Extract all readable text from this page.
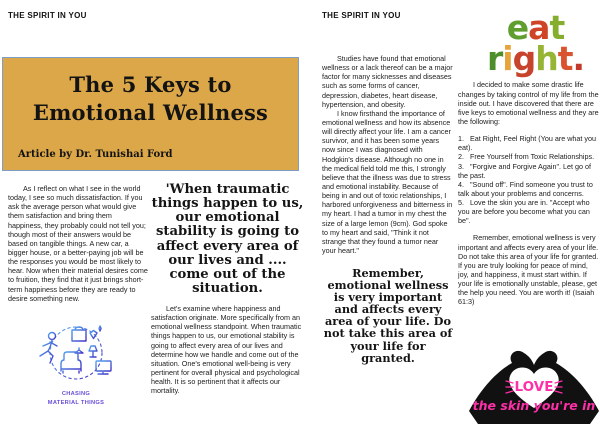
THE SPIRIT IN YOU
The 5 Keys to Emotional Wellness
Article by Dr. Tunishai Ford

As I reflect on what I see in the world today, I see so much dissatisfaction. If you ask the average person what would give them satisfaction and bring them happiness, they probably could not tell you; though most of their answers would be based on tangible things. A new car, a bigger house, or a better-paying job will be the responses you would be most likely to hear. Now when their material desires come to fruition, they find that it just brings short-term happiness before they are ready to desire something new.

'When traumatic things happen to us, our emotional stability is going to affect every area of our lives and .... come out of the situation.

Let's examine where happiness and satisfaction originate. More specifically from an emotional wellness standpoint. When traumatic things happen to us, our emotional stability is going to affect every area of our lives and determine how we handle and come out of the situation. One's emotional well-being is very pertinent for overall physical and psychological health. It is so pertinent that it affects our mortality.

CHASING
MATERIAL THINGS
THE SPIRIT IN YOU

Studies have found that emotional wellness or a lack thereof can be a major factor for many sicknesses and diseases such as some forms of cancer, depression, diabetes, heart disease, hypertension, and obesity.

I know firsthand the importance of emotional wellness and how its absence will directly affect your life. I am a cancer survivor, and it has been some years now since I was diagnosed with Hodgkin's disease. Although no one in the medical field told me this, I strongly believe that the illness was due to stress and emotional instability. Because of being in and out of toxic relationships, I harbored unforgiveness and bitterness in my heart. I had a tumor in my chest the size of a large lemon (9cm). God spoke to my heart and said, "Think it not strange that they found a tumor near your heart."

Remember, emotional wellness is very important and affects every area of your life. Do not take this area of your life for granted.
eat
right.

I decided to make some drastic life changes by taking control of my life from the inside out. I have discovered that there are five keys to emotional wellness and they are the following:

1.   Eat Right, Feel Right (You are what you eat).
2.   Free Yourself from Toxic Relationships.
3.   "Forgive and Forgive Again". Let go of the past.
4.   "Sound off". Find someone you trust to talk about your problems and concerns.
5.   Love the skin you are in. "Accept who you are before you become what you can be".

Remember, emotional wellness is very important and affects every area of your life. Do not take this area of your life for granted. If you are truly looking for peace of mind, joy, and happiness, it must start within. If your life is emotionally unstable, please, get the help you need. You are worth it! (Isaiah 61:3)

LOVE
the skin you're in
